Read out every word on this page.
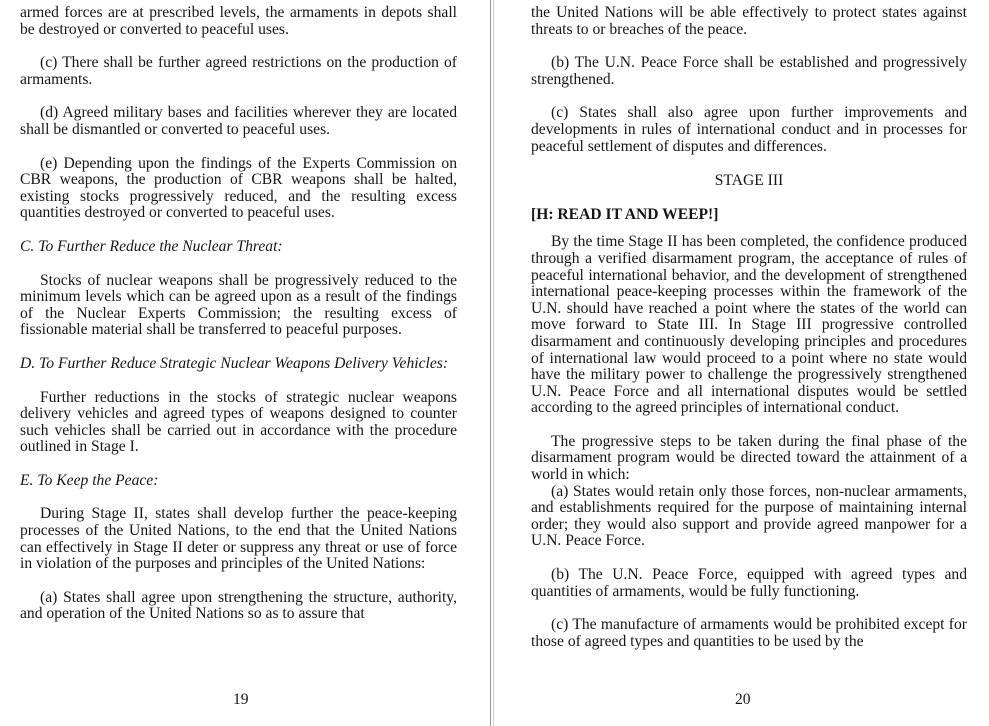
armed forces are at prescribed levels, the armaments in depots shall be destroyed or converted to peaceful uses.

(c) There shall be further agreed restrictions on the production of armaments.

(d) Agreed military bases and facilities wherever they are located shall be dismantled or converted to peaceful uses.

(e) Depending upon the findings of the Experts Commission on CBR weapons, the production of CBR weapons shall be halted, existing stocks progressively reduced, and the resulting excess quantities destroyed or converted to peaceful uses.

C. To Further Reduce the Nuclear Threat:

Stocks of nuclear weapons shall be progressively reduced to the minimum levels which can be agreed upon as a result of the findings of the Nuclear Experts Commission; the resulting excess of fissionable material shall be transferred to peaceful purposes.

D. To Further Reduce Strategic Nuclear Weapons Delivery Vehicles:

Further reductions in the stocks of strategic nuclear weapons delivery vehicles and agreed types of weapons designed to counter such vehicles shall be carried out in accordance with the procedure outlined in Stage I.

E. To Keep the Peace:

During Stage II, states shall develop further the peace-keeping processes of the United Nations, to the end that the United Nations can effectively in Stage II deter or suppress any threat or use of force in violation of the purposes and principles of the United Nations:

(a) States shall agree upon strengthening the structure, authority, and operation of the United Nations so as to assure that

19

the United Nations will be able effectively to protect states against threats to or breaches of the peace.

(b) The U.N. Peace Force shall be established and progressively strengthened.

(c) States shall also agree upon further improvements and developments in rules of international conduct and in processes for peaceful settlement of disputes and differences.

STAGE III

[H: READ IT AND WEEP!]

By the time Stage II has been completed, the confidence produced through a verified disarmament program, the acceptance of rules of peaceful international behavior, and the development of strengthened international peace-keeping processes within the framework of the U.N. should have reached a point where the states of the world can move forward to State III. In Stage III progressive controlled disarmament and continuously developing principles and procedures of international law would proceed to a point where no state would have the military power to challenge the progressively strengthened U.N. Peace Force and all international disputes would be settled according to the agreed principles of international conduct.

The progressive steps to be taken during the final phase of the disarmament program would be directed toward the attainment of a world in which:

(a) States would retain only those forces, non-nuclear armaments, and establishments required for the purpose of maintaining internal order; they would also support and provide agreed manpower for a U.N. Peace Force.

(b) The U.N. Peace Force, equipped with agreed types and quantities of armaments, would be fully functioning.

(c) The manufacture of armaments would be prohibited except for those of agreed types and quantities to be used by the

20
